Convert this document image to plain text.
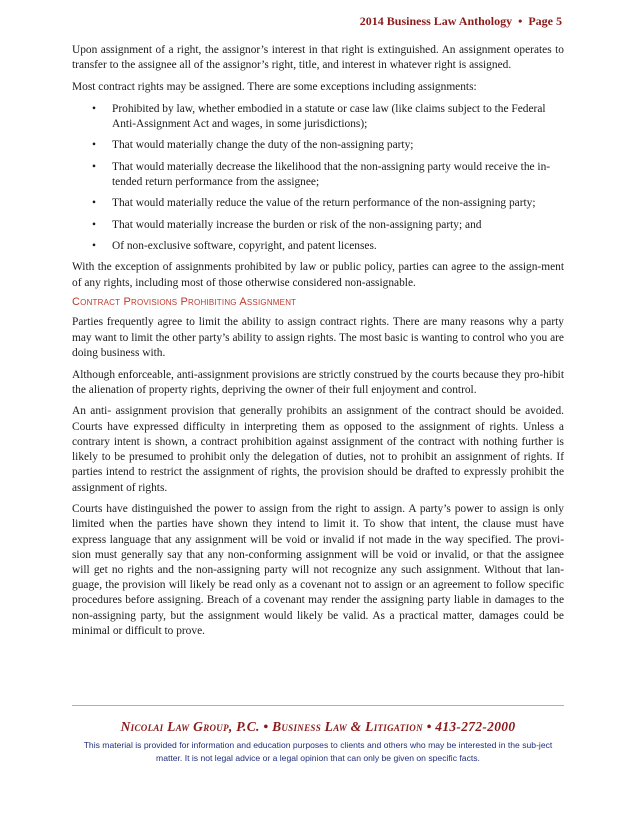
2014 Business Law Anthology • Page 5

Upon assignment of a right, the assignor’s interest in that right is extinguished. An assignment operates to transfer to the assignee all of the assignor’s right, title, and interest in whatever right is assigned.

Most contract rights may be assigned. There are some exceptions including assignments:

• Prohibited by law, whether embodied in a statute or case law (like claims subject to the Federal Anti-Assignment Act and wages, in some jurisdictions);
• That would materially change the duty of the non-assigning party;
• That would materially decrease the likelihood that the non-assigning party would receive the in-tended return performance from the assignee;
• That would materially reduce the value of the return performance of the non-assigning party;
• That would materially increase the burden or risk of the non-assigning party; and
• Of non-exclusive software, copyright, and patent licenses.

With the exception of assignments prohibited by law or public policy, parties can agree to the assign-ment of any rights, including most of those otherwise considered non-assignable.

Contract Provisions Prohibiting Assignment

Parties frequently agree to limit the ability to assign contract rights. There are many reasons why a party may want to limit the other party’s ability to assign rights. The most basic is wanting to control who you are doing business with.

Although enforceable, anti-assignment provisions are strictly construed by the courts because they pro-hibit the alienation of property rights, depriving the owner of their full enjoyment and control.

An anti- assignment provision that generally prohibits an assignment of the contract should be avoided. Courts have expressed difficulty in interpreting them as opposed to the assignment of rights. Unless a contrary intent is shown, a contract prohibition against assignment of the contract with nothing further is likely to be presumed to prohibit only the delegation of duties, not to prohibit an assignment of rights. If parties intend to restrict the assignment of rights, the provision should be drafted to expressly prohibit the assignment of rights.

Courts have distinguished the power to assign from the right to assign. A party’s power to assign is only limited when the parties have shown they intend to limit it. To show that intent, the clause must have express language that any assignment will be void or invalid if not made in the way specified. The provi-sion must generally say that any non-conforming assignment will be void or invalid, or that the assignee will get no rights and the non-assigning party will not recognize any such assignment. Without that lan-guage, the provision will likely be read only as a covenant not to assign or an agreement to follow specific procedures before assigning. Breach of a covenant may render the assigning party liable in damages to the non-assigning party, but the assignment would likely be valid. As a practical matter, damages could be minimal or difficult to prove.

Nicolai Law Group, P.C. • Business Law & Litigation • 413-272-2000
This material is provided for information and education purposes to clients and others who may be interested in the sub-ject matter. It is not legal advice or a legal opinion that can only be given on specific facts.
